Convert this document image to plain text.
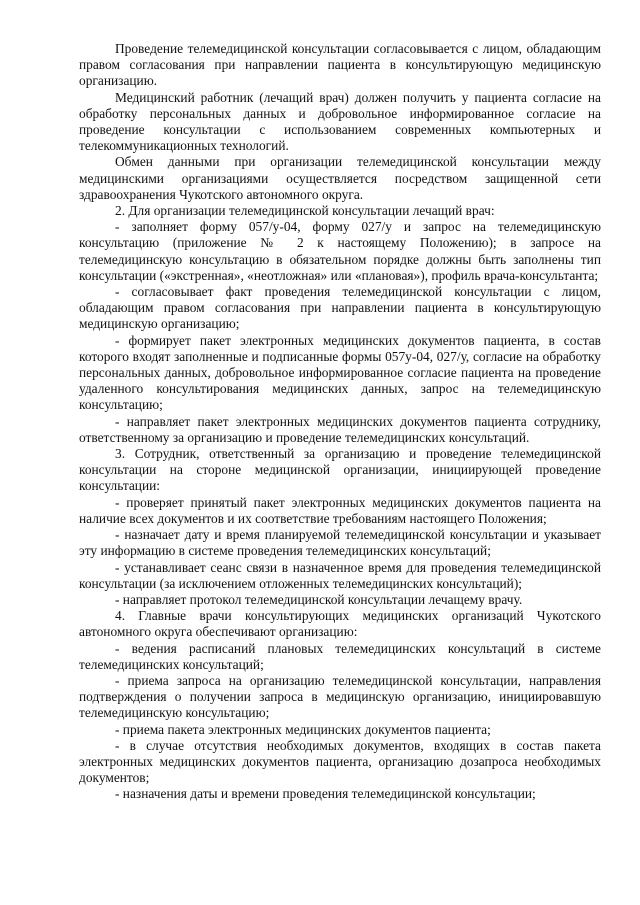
Проведение телемедицинской консультации согласовывается с лицом, обладающим правом согласования при направлении пациента в консультирующую медицинскую организацию.

Медицинский работник (лечащий врач) должен получить у пациента согласие на обработку персональных данных и добровольное информированное согласие на проведение консультации с использованием современных компьютерных и телекоммуникационных технологий.

Обмен данными при организации телемедицинской консультации между медицинскими организациями осуществляется посредством защищенной сети здравоохранения Чукотского автономного округа.

2. Для организации телемедицинской консультации лечащий врач:

- заполняет форму 057/у-04, форму 027/у и запрос на телемедицинскую консультацию (приложение № 2 к настоящему Положению); в запросе на телемедицинскую консультацию в обязательном порядке должны быть заполнены тип консультации («экстренная», «неотложная» или «плановая»), профиль врача-консультанта;

- согласовывает факт проведения телемедицинской консультации с лицом, обладающим правом согласования при направлении пациента в консультирующую медицинскую организацию;

- формирует пакет электронных медицинских документов пациента, в состав которого входят заполненные и подписанные формы 057у-04, 027/у, согласие на обработку персональных данных, добровольное информированное согласие пациента на проведение удаленного консультирования медицинских данных, запрос на телемедицинскую консультацию;

- направляет пакет электронных медицинских документов пациента сотруднику, ответственному за организацию и проведение телемедицинских консультаций.

3. Сотрудник, ответственный за организацию и проведение телемедицинской консультации на стороне медицинской организации, инициирующей проведение консультации:

- проверяет принятый пакет электронных медицинских документов пациента на наличие всех документов и их соответствие требованиям настоящего Положения;

- назначает дату и время планируемой телемедицинской консультации и указывает эту информацию в системе проведения телемедицинских консультаций;

- устанавливает сеанс связи в назначенное время для проведения телемедицинской консультации (за исключением отложенных телемедицинских консультаций);

- направляет протокол телемедицинской консультации лечащему врачу.

4. Главные врачи консультирующих медицинских организаций Чукотского автономного округа обеспечивают организацию:

- ведения расписаний плановых телемедицинских консультаций в системе телемедицинских консультаций;

- приема запроса на организацию телемедицинской консультации, направления подтверждения о получении запроса в медицинскую организацию, инициировавшую телемедицинскую консультацию;

- приема пакета электронных медицинских документов пациента;

- в случае отсутствия необходимых документов, входящих в состав пакета электронных медицинских документов пациента, организацию дозапроса необходимых документов;

- назначения даты и времени проведения телемедицинской консультации;
